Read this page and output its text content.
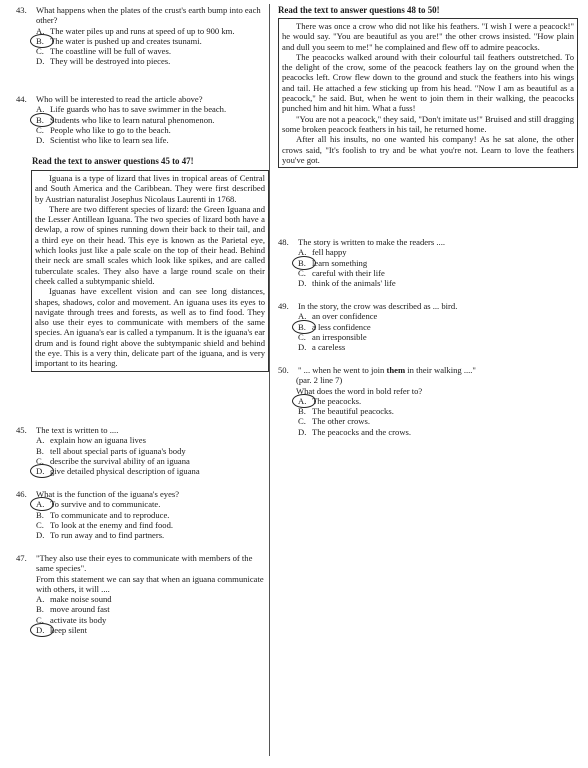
43.	What happens when the plates of the crust's earth bump into each other?
A. The water piles up and runs at speed of up to 900 km.
B. The water is pushed up and creates tsunami.
C. The coastline will be full of waves.
D. They will be destroyed into pieces.
44.	Who will be interested to read the article above?
A. Life guards who has to save swimmer in the beach.
B. Students who like to learn natural phenomenon.
C. People who like to go to the beach.
D. Scientist who like to learn sea life.
Read the text to answer questions 45 to 47!

Iguana is a type of lizard that lives in tropical areas of Central and South America and the Caribbean. They were first described by Austrian naturalist Josephus Nicolaus Laurenti in 1768.

There are two different species of lizard: the Green Iguana and the Lesser Antillean Iguana. The two species of lizard both have a dewlap, a row of spines running down their back to their tail, and a third eye on their head. This eye is known as the Parietal eye, which looks just like a pale scale on the top of their head. Behind their neck are small scales which look like spikes, and are called tuberculate scales. They also have a large round scale on their cheek called a subtympanic shield.

Iguanas have excellent vision and can see long distances, shapes, shadows, color and movement. An iguana uses its eyes to navigate through trees and forests, as well as to find food. They also use their eyes to communicate with members of the same species. An iguana's ear is called a tympanum. It is the iguana's ear drum and is found right above the subtympanic shield and behind the eye. This is a very thin, delicate part of the iguana, and is very important to its hearing.

45.	The text is written to ....
A. explain how an iguana lives
B. tell about special parts of iguana's body
C. describe the survival ability of an iguana
D. give detailed physical description of iguana
46.	What is the function of the iguana's eyes?
A. To survive and to communicate.
B. To communicate and to reproduce.
C. To look at the enemy and find food.
D. To run away and to find partners.
47.	"They also use their eyes to communicate with members of the same species".
From this statement we can say that when an iguana communicate with others, it will ....
A. make noise sound
B. move around fast
C. activate its body
D. keep silent
Read the text to answer questions 48 to 50!

There was once a crow who did not like his feathers. "I wish I were a peacock!" he would say. "You are beautiful as you are!" the other crows insisted. "How plain and dull you seem to me!" he complained and flew off to admire peacocks.

The peacocks walked around with their colourful tail feathers outstretched. To the delight of the crow, some of the peacock feathers lay on the ground when the peacocks left. Crow flew down to the ground and stuck the feathers into his wings and tail. He attached a few sticking up from his head. "Now I am as beautiful as a peacock," he said. But, when he went to join them in their walking, the peacocks punched him and hit him. What a fuss!

"You are not a peacock," they said, "Don't imitate us!" Bruised and still dragging some broken peacock feathers in his tail, he returned home.

After all his insults, no one wanted his company! As he sat alone, the other crows said, "It's foolish to try and be what you're not. Learn to love the feathers you've got.

48.	The story is written to make the readers ....
A. fell happy
B. learn something
C. careful with their life
D. think of the animals' life
49.	In the story, the crow was described as ... bird.
A. an over confidence
B. a less confidence
C. an irresponsible
D. a careless
50.	" ... when he went to join them in their walking ...."
(par. 2 line 7)
What does the word in bold refer to?
A. The peacocks.
B. The beautiful peacocks.
C. The other crows.
D. The peacocks and the crows.
